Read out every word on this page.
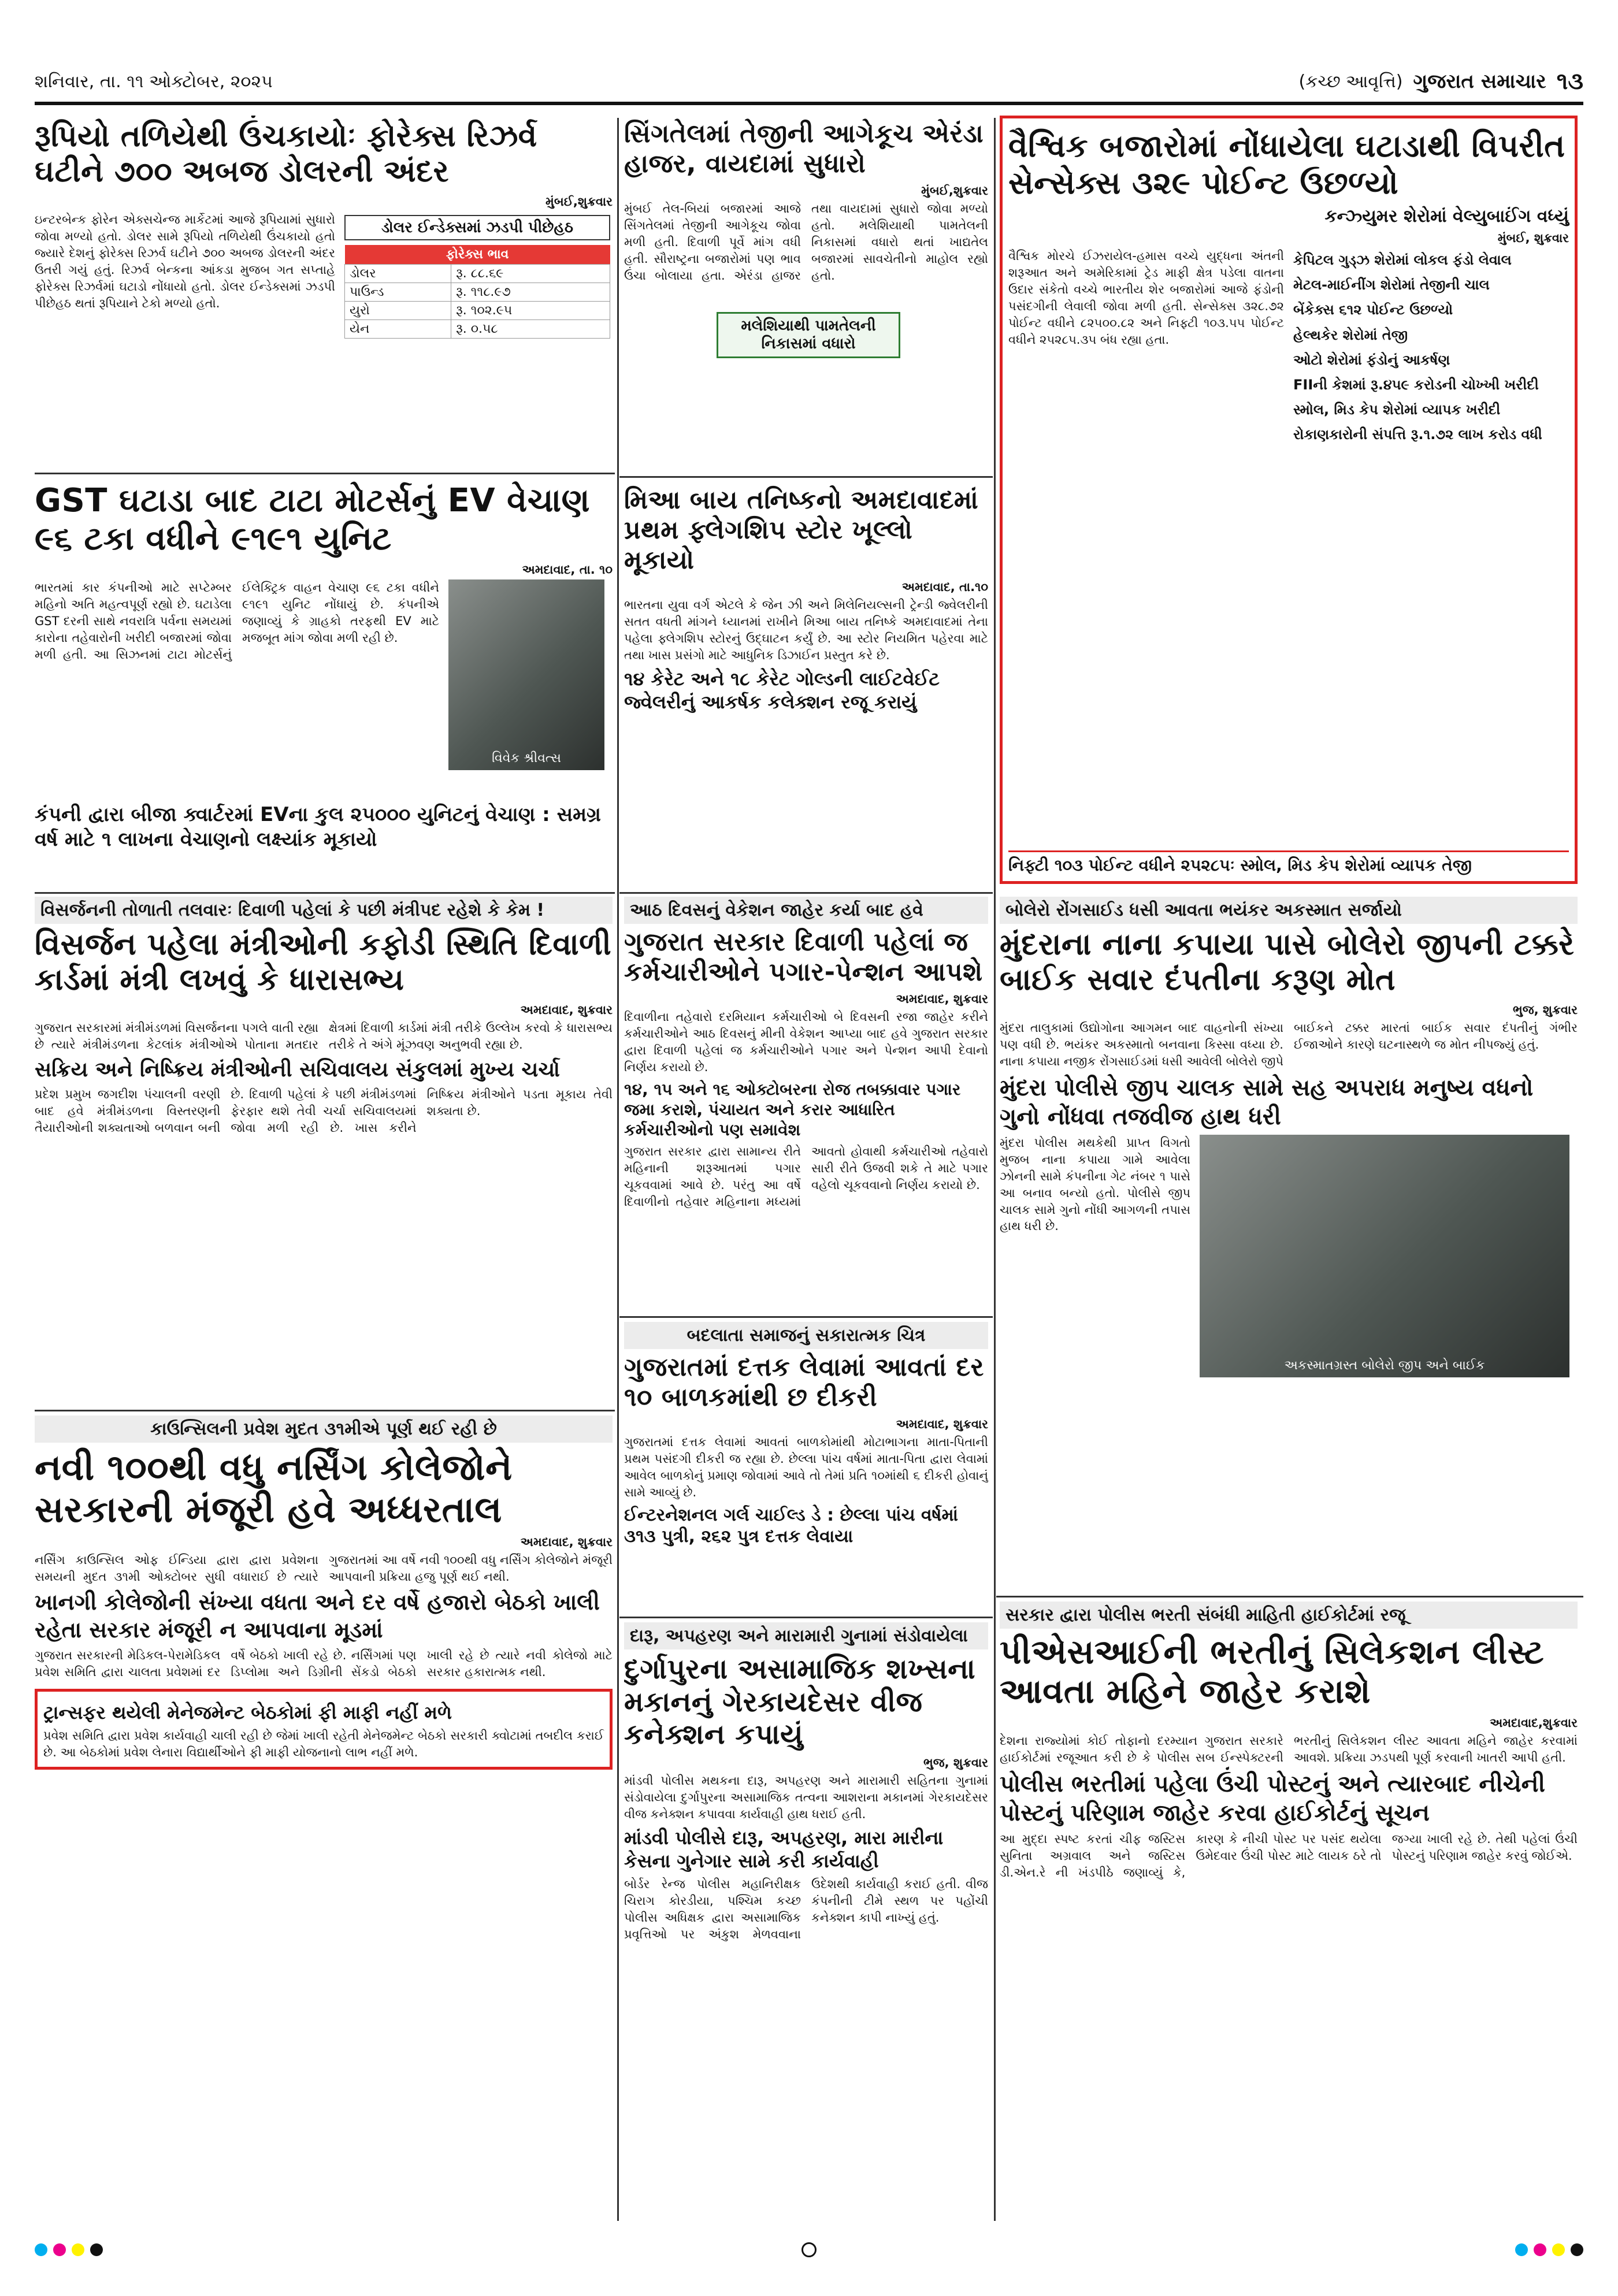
શનિવાર, તા. ૧૧ ઓક્ટોબર, ૨૦૨૫	(કચ્છ આવૃત્તિ) ગુજરાત સમાચાર ૧૩
રૂપિયો તળિયેથી ઉંચકાયોઃ ફોરેક્સ રિઝર્વ ઘટીને ૭૦૦ અબજ ડોલરની અંદર
મુંબઈ,શુક્રવાર
ઇન્ટરબેન્ક ફોરેન એક્સચેન્જ માર્કેટમાં આજે રૂપિયામાં સુધારો જોવા મળ્યો હતો. ડોલર સામે રૂપિયો તળિયેથી ઉંચકાયો હતો જ્યારે દેશનું ફોરેક્સ રિઝર્વ ઘટીને ૭૦૦ અબજ ડોલરની અંદર ઉતરી ગયું હતું. રિઝર્વ બેન્કના આંકડા મુજબ ગત સપ્તાહે ફોરેક્સ રિઝર્વમાં ઘટાડો નોંધાયો હતો. ડોલર ઈન્ડેક્સમાં ઝડપી પીછેહઠ થતાં રૂપિયાને ટેકો મળ્યો હતો.
ડોલર ઈન્ડેક્સમાં ઝડપી પીછેહઠ
ફોરેક્સ ભાવ	
ડોલર	રૂ. ૮૮.૬૯
પાઉન્ડ	રૂ. ૧૧૮.૯૭
યુરો	રૂ. ૧૦૨.૯૫
યેન	રૂ. ૦.૫૮
GST ઘટાડા બાદ ટાટા મોટર્સનું EV વેચાણ ૯૬ ટકા વધીને ૯૧૯૧ યુનિટ
અમદાવાદ, તા. ૧૦
ભારતમાં કાર કંપનીઓ માટે સપ્ટેમ્બર મહિનો અતિ મહત્વપૂર્ણ રહ્યો છે. ઘટાડેલા GST દરની સાથે નવરાત્રિ પર્વના સમયમાં કારોના તહેવારોની ખરીદી બજારમાં જોવા મળી હતી. આ સિઝનમાં ટાટા મોટર્સનું ઈલેક્ટ્રિક વાહન વેચાણ ૯૬ ટકા વધીને ૯૧૯૧ યુનિટ નોંધાયું છે. કંપનીએ જણાવ્યું કે ગ્રાહકો તરફથી EV માટે મજબૂત માંગ જોવા મળી રહી છે.
વિવેક શ્રીવત્સ
કંપની દ્વારા બીજા ક્વાર્ટરમાં EVના કુલ ૨૫૦૦૦ યુનિટનું વેચાણ : સમગ્ર વર્ષ માટે ૧ લાખના વેચાણનો લક્ષ્યાંક મૂકાયો
સિંગતેલમાં તેજીની આગેકૂચ એરંડા હાજર, વાયદામાં સુધારો
મુંબઈ,શુક્રવાર
મુંબઈ તેલ-બિયાં બજારમાં આજે સિંગતેલમાં તેજીની આગેકૂચ જોવા મળી હતી. દિવાળી પૂર્વે માંગ વધી હતી. સૌરાષ્ટ્રના બજારોમાં પણ ભાવ ઉંચા બોલાયા હતા. એરંડા હાજર તથા વાયદામાં સુધારો જોવા મળ્યો હતો. મલેશિયાથી પામતેલની નિકાસમાં વધારો થતાં ખાદ્યતેલ બજારમાં સાવચેતીનો માહોલ રહ્યો હતો.
મલેશિયાથી પામતેલની નિકાસમાં વધારો
મિઆ બાય તનિષ્કનો અમદાવાદમાં પ્રથમ ફ્લેગશિપ સ્ટોર ખૂલ્લો મૂકાયો
અમદાવાદ, તા.૧૦
ભારતના યુવા વર્ગ એટલે કે જેન ઝી અને મિલેનિયલ્સની ટ્રેન્ડી જ્વેલરીની સતત વધતી માંગને ધ્યાનમાં રાખીને મિઆ બાય તનિષ્કે અમદાવાદમાં તેના પહેલા ફ્લેગશિપ સ્ટોરનું ઉદ્ઘાટન કર્યું છે. આ સ્ટોર નિયમિત પહેરવા માટે તથા ખાસ પ્રસંગો માટે આધુનિક ડિઝાઈન પ્રસ્તુત કરે છે.
૧૪ કેરેટ અને ૧૮ કેરેટ ગોલ્ડની લાઈટવેઈટ જ્વેલરીનું આકર્ષક કલેક્શન રજૂ કરાયું
વૈશ્વિક બજારોમાં નોંધાયેલા ઘટાડાથી વિપરીત સેન્સેક્સ ૩૨૯ પોઈન્ટ ઉછળ્યો
કન્ઝ્યુમર શેરોમાં વેલ્યુબાઈંગ વધ્યું
મુંબઈ, શુક્રવાર
વૈશ્વિક મોરચે ઈઝરાયેલ-હમાસ વચ્ચે યુદ્ધના અંતની શરૂઆત અને અમેરિકામાં ટ્રેડ માફી ક્ષેત્ર પડેલા વાતના ઉદાર સંકેતો વચ્ચે ભારતીય શેર બજારોમાં આજે ફંડોની પસંદગીની લેવાલી જોવા મળી હતી. સેન્સેક્સ ૩૨૮.૭૨ પોઈન્ટ વધીને ૮૨૫૦૦.૮૨ અને નિફ્ટી ૧૦૩.૫૫ પોઈન્ટ વધીને ૨૫૨૮૫.૩૫ બંધ રહ્યા હતા.
કેપિટલ ગુડ્ઝ શેરોમાં લોકલ ફંડો લેવાલ
મેટલ-માઈનીંગ શેરોમાં તેજીની ચાલ
બેંકેક્સ ૬૧૨ પોઈન્ટ ઉછળ્યો
હેલ્થકેર શેરોમાં તેજી
ઓટો શેરોમાં ફંડોનું આકર્ષણ
FIIની કેશમાં રૂ.૪૫૯ કરોડની ચોખ્ખી ખરીદી
સ્મોલ, મિડ કેપ શેરોમાં વ્યાપક ખરીદી
રોકાણકારોની સંપત્તિ રૂ.૧.૭૨ લાખ કરોડ વધી
નિફ્ટી ૧૦૩ પોઈન્ટ વધીને ૨૫૨૮૫ઃ સ્મોલ, મિડ કેપ શેરોમાં વ્યાપક તેજી
વિસર્જનની તોળાતી તલવારઃ દિવાળી પહેલાં કે પછી મંત્રીપદ રહેશે કે કેમ !
વિસર્જન પહેલા મંત્રીઓની કફોડી સ્થિતિ દિવાળી કાર્ડમાં મંત્રી લખવું કે ધારાસભ્ય
અમદાવાદ, શુક્રવાર
ગુજરાત સરકારમાં મંત્રીમંડળમાં વિસર્જનના પગલે વાતી રહ્યા છે ત્યારે મંત્રીમંડળના કેટલાંક મંત્રીઓએ પોતાના મતદાર ક્ષેત્રમાં દિવાળી કાર્ડમાં મંત્રી તરીકે ઉલ્લેખ કરવો કે ધારાસભ્ય તરીકે તે અંગે મૂંઝવણ અનુભવી રહ્યા છે.
સક્રિય અને નિષ્ક્રિય મંત્રીઓની સચિવાલય સંકુલમાં મુખ્ય ચર્ચા
પ્રદેશ પ્રમુખ જગદીશ પંચાલની વરણી બાદ હવે મંત્રીમંડળના વિસ્તરણની તૈયારીઓની શક્યતાઓ બળવાન બની છે. દિવાળી પહેલાં કે પછી મંત્રીમંડળમાં ફેરફાર થશે તેવી ચર્ચા સચિવાલયમાં જોવા મળી રહી છે. ખાસ કરીને નિષ્ક્રિય મંત્રીઓને પડતા મૂકાય તેવી શક્યતા છે.
આઠ દિવસનું વેકેશન જાહેર કર્યા બાદ હવે
ગુજરાત સરકાર દિવાળી પહેલાં જ કર્મચારીઓને પગાર-પેન્શન આપશે
અમદાવાદ, શુક્રવાર
દિવાળીના તહેવારો દરમિયાન કર્મચારીઓ બે દિવસની રજા જાહેર કરીને કર્મચારીઓને આઠ દિવસનું મીની વેકેશન આપ્યા બાદ હવે ગુજરાત સરકાર દ્વારા દિવાળી પહેલાં જ કર્મચારીઓને પગાર અને પેન્શન આપી દેવાનો નિર્ણય કરાયો છે.
૧૪, ૧૫ અને ૧૬ ઓક્ટોબરના રોજ તબક્કાવાર પગાર જમા કરાશે, પંચાયત અને કરાર આધારિત કર્મચારીઓનો પણ સમાવેશ
ગુજરાત સરકાર દ્વારા સામાન્ય રીતે મહિનાની શરૂઆતમાં પગાર ચૂકવવામાં આવે છે. પરંતુ આ વર્ષે દિવાળીનો તહેવાર મહિનાના મધ્યમાં આવતો હોવાથી કર્મચારીઓ તહેવારો સારી રીતે ઉજવી શકે તે માટે પગાર વહેલો ચૂકવવાનો નિર્ણય કરાયો છે.
બદલાતા સમાજનું સકારાત્મક ચિત્ર
ગુજરાતમાં દત્તક લેવામાં આવતાં દર ૧૦ બાળકમાંથી છ દીકરી
અમદાવાદ, શુક્રવાર
ગુજરાતમાં દત્તક લેવામાં આવતાં બાળકોમાંથી મોટાભાગના માતા-પિતાની પ્રથમ પસંદગી દીકરી જ રહ્યા છે. છેલ્લા પાંચ વર્ષમાં માતા-પિતા દ્વારા લેવામાં આવેલ બાળકોનું પ્રમાણ જોવામાં આવે તો તેમાં પ્રતિ ૧૦માંથી ૬ દીકરી હોવાનું સામે આવ્યું છે.
ઈન્ટરનેશનલ ગર્લ ચાઈલ્ડ ડે : છેલ્લા પાંચ વર્ષમાં ૩૧૩ પુત્રી, ૨૬૨ પુત્ર દત્તક લેવાયા
બોલેરો રોંગસાઈડ ધસી આવતા ભયંકર અકસ્માત સર્જાયો
મુંદરાના નાના કપાયા પાસે બોલેરો જીપની ટક્કરે બાઈક સવાર દંપતીના કરૂણ મોત
ભુજ, શુક્રવાર
મુંદરા તાલુકામાં ઉદ્યોગોના આગમન બાદ વાહનોની સંખ્યા પણ વધી છે. ભયંકર અકસ્માતો બનવાના કિસ્સા વધ્યા છે. નાના કપાયા નજીક રોંગસાઈડમાં ધસી આવેલી બોલેરો જીપે બાઈકને ટક્કર મારતાં બાઈક સવાર દંપતીનું ગંભીર ઈજાઓને કારણે ઘટનાસ્થળે જ મોત નીપજ્યું હતું.
મુંદરા પોલીસે જીપ ચાલક સામે સહ અપરાધ મનુષ્ય વધનો ગુનો નોંધવા તજવીજ હાથ ધરી
મુંદરા પોલીસ મથકેથી પ્રાપ્ત વિગતો મુજબ નાના કપાયા ગામે આવેલા ઝોનની સામે કંપનીના ગેટ નંબર ૧ પાસે આ બનાવ બન્યો હતો. પોલીસે જીપ ચાલક સામે ગુનો નોંધી આગળની તપાસ હાથ ધરી છે.
અકસ્માતગ્રસ્ત બોલેરો જીપ અને બાઈક
કાઉન્સિલની પ્રવેશ મુદત ૩૧મીએ પૂર્ણ થઈ રહી છે
નવી ૧૦૦થી વધુ નર્સિંગ કોલેજોને સરકારની મંજૂરી હવે અધ્ધરતાલ
અમદાવાદ, શુક્રવાર
નર્સિંગ કાઉન્સિલ ઓફ ઈન્ડિયા દ્વારા દ્વારા પ્રવેશના સમયની મુદત ૩૧મી ઓક્ટોબર સુધી વધારાઈ છે ત્યારે ગુજરાતમાં આ વર્ષે નવી ૧૦૦થી વધુ નર્સિંગ કોલેજોને મંજૂરી આપવાની પ્રક્રિયા હજુ પૂર્ણ થઈ નથી.
ખાનગી કોલેજોની સંખ્યા વધતા અને દર વર્ષે હજારો બેઠકો ખાલી રહેતા સરકાર મંજૂરી ન આપવાના મૂડમાં
ગુજરાત સરકારની મેડિકલ-પેરામેડિકલ પ્રવેશ સમિતિ દ્વારા ચાલતા પ્રવેશમાં દર વર્ષે બેઠકો ખાલી રહે છે. નર્સિંગમાં પણ ડિપ્લોમા અને ડિગ્રીની સેંકડો બેઠકો ખાલી રહે છે ત્યારે નવી કોલેજો માટે સરકાર હકારાત્મક નથી.
ટ્રાન્સફર થયેલી મેનેજમેન્ટ બેઠકોમાં ફી માફી નહીં મળે
પ્રવેશ સમિતિ દ્વારા પ્રવેશ કાર્યવાહી ચાલી રહી છે જેમાં ખાલી રહેતી મેનેજમેન્ટ બેઠકો સરકારી ક્વોટામાં તબદીલ કરાઈ છે. આ બેઠકોમાં પ્રવેશ લેનારા વિદ્યાર્થીઓને ફી માફી યોજનાનો લાભ નહીં મળે.
દારૂ, અપહરણ અને મારામારી ગુનામાં સંડોવાયેલા
દુર્ગાપુરના અસામાજિક શખ્સના મકાનનું ગેરકાયદેસર વીજ કનેક્શન કપાયું
ભુજ, શુક્રવાર
માંડવી પોલીસ મથકના દારૂ, અપહરણ અને મારામારી સહિતના ગુનામાં સંડોવાયેલા દુર્ગાપુરના અસામાજિક તત્વના આશરાના મકાનમાં ગેરકાયદેસર વીજ કનેક્શન કપાવવા કાર્યવાહી હાથ ધરાઈ હતી.
માંડવી પોલીસે દારૂ, અપહરણ, મારા મારીના કેસના ગુનેગાર સામે કરી કાર્યવાહી
બોર્ડર રેન્જ પોલીસ મહાનિરીક્ષક ચિરાગ કોરડીયા, પશ્ચિમ કચ્છ પોલીસ અધિક્ષક દ્વારા અસામાજિક પ્રવૃત્તિઓ પર અંકુશ મેળવવાના ઉદેશથી કાર્યવાહી કરાઈ હતી. વીજ કંપનીની ટીમે સ્થળ પર પહોંચી કનેક્શન કાપી નાખ્યું હતું.
સરકાર દ્વારા પોલીસ ભરતી સંબંધી માહિતી હાઈકોર્ટમાં રજૂ
પીએસઆઈની ભરતીનું સિલેકશન લીસ્ટ આવતા મહિને જાહેર કરાશે
અમદાવાદ,શુક્રવાર
દેશના રાજ્યોમાં કોઈ તોફાનો દરમ્યાન ગુજરાત સરકારે હાઈકોર્ટમાં રજૂઆત કરી છે કે પોલીસ સબ ઈન્સ્પેક્ટરની ભરતીનું સિલેકશન લીસ્ટ આવતા મહિને જાહેર કરવામાં આવશે. પ્રક્રિયા ઝડપથી પૂર્ણ કરવાની ખાતરી આપી હતી.
પોલીસ ભરતીમાં પહેલા ઉંચી પોસ્ટનું અને ત્યારબાદ નીચેની પોસ્ટનું પરિણામ જાહેર કરવા હાઈકોર્ટનું સૂચન
આ મુદ્દા સ્પષ્ટ કરતાં ચીફ જસ્ટિસ સુનિતા અગ્રવાલ અને જસ્ટિસ ડી.એન.રે ની ખંડપીઠે જણાવ્યું કે, કારણ કે નીચી પોસ્ટ પર પસંદ થયેલા ઉમેદવાર ઉંચી પોસ્ટ માટે લાયક ઠરે તો જગ્યા ખાલી રહે છે. તેથી પહેલાં ઉંચી પોસ્ટનું પરિણામ જાહેર કરવું જોઈએ.
